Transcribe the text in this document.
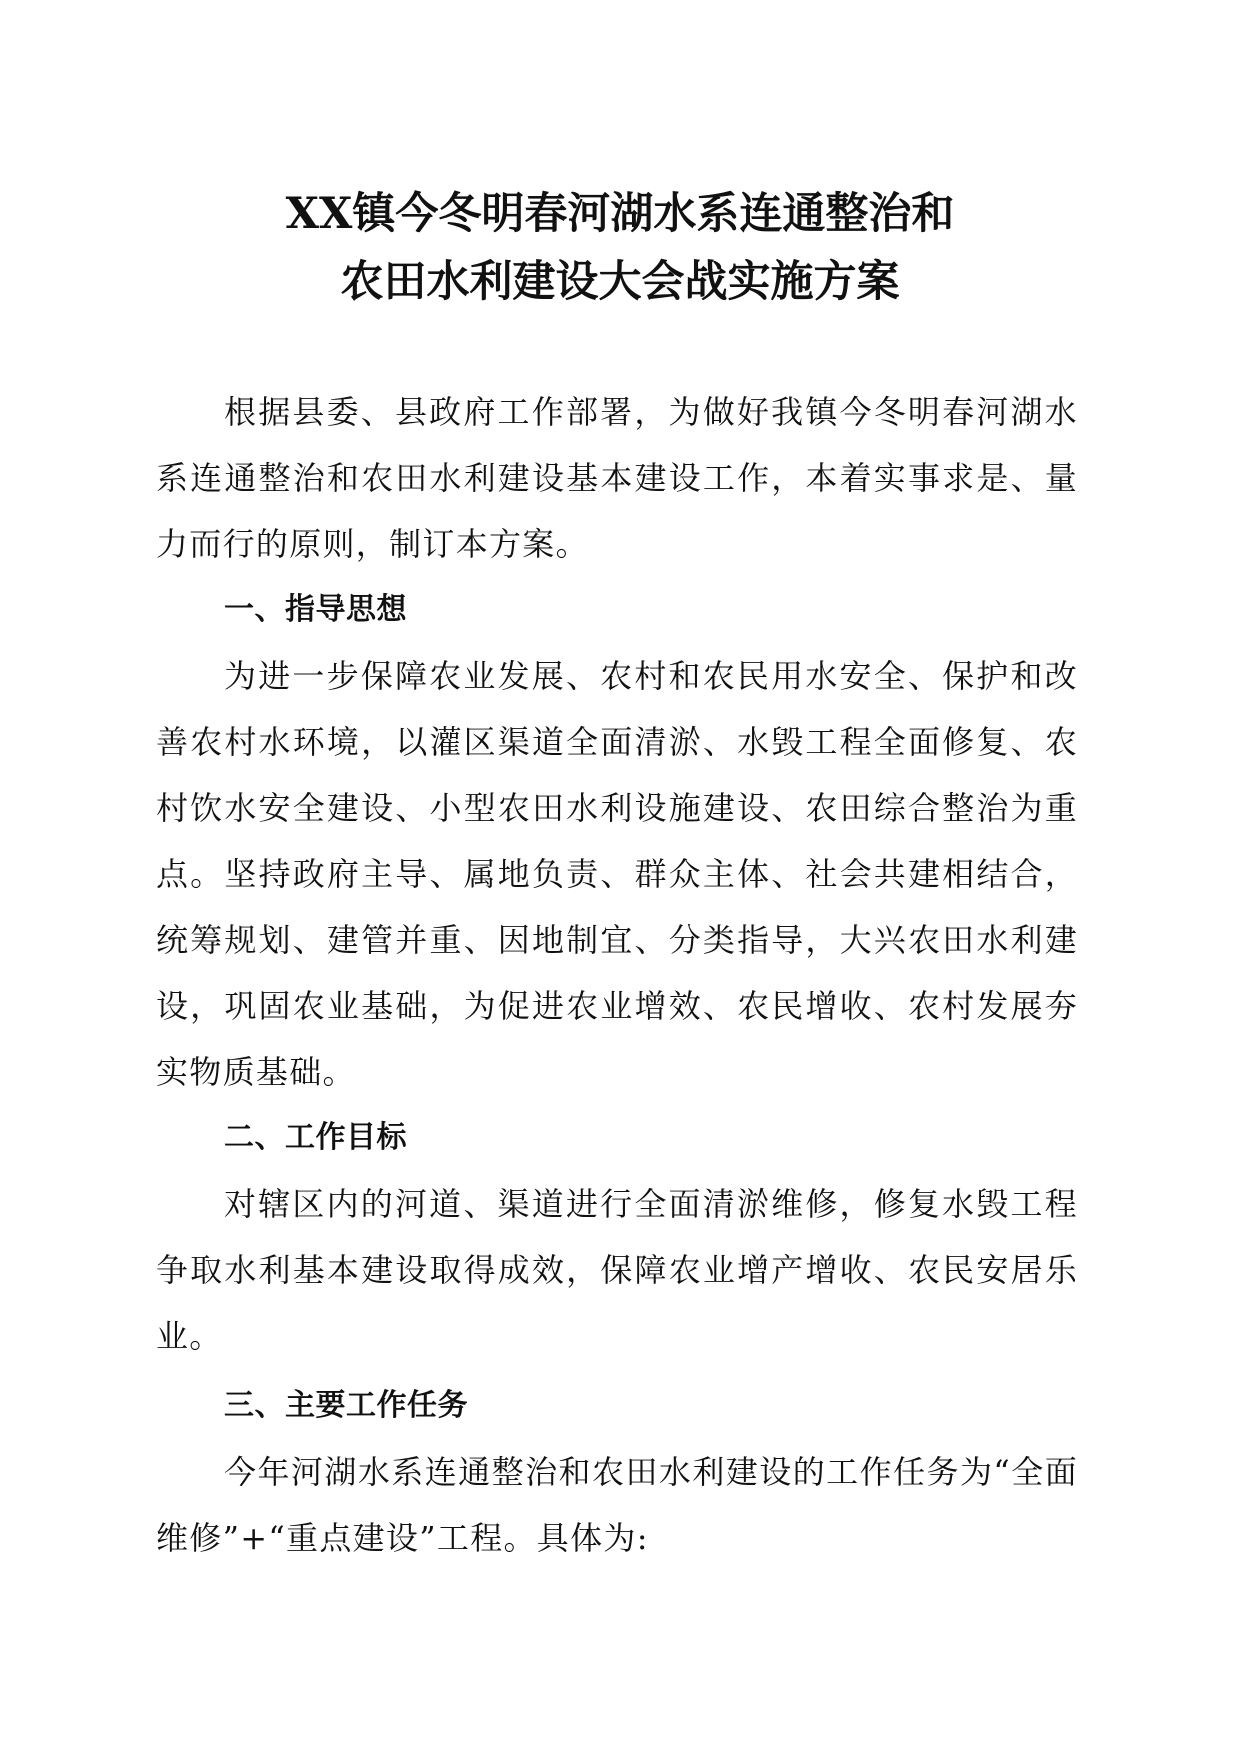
XX镇今冬明春河湖水系连通整治和
农田水利建设大会战实施方案

根据县委、县政府工作部署，为做好我镇今冬明春河湖水系连通整治和农田水利建设基本建设工作，本着实事求是、量力而行的原则，制订本方案。

一、指导思想

为进一步保障农业发展、农村和农民用水安全、保护和改善农村水环境，以灌区渠道全面清淤、水毁工程全面修复、农村饮水安全建设、小型农田水利设施建设、农田综合整治为重点。坚持政府主导、属地负责、群众主体、社会共建相结合，统筹规划、建管并重、因地制宜、分类指导，大兴农田水利建设，巩固农业基础，为促进农业增效、农民增收、农村发展夯实物质基础。

二、工作目标

对辖区内的河道、渠道进行全面清淤维修，修复水毁工程争取水利基本建设取得成效，保障农业增产增收、农民安居乐业。

三、主要工作任务

今年河湖水系连通整治和农田水利建设的工作任务为“全面维修”+“重点建设”工程。具体为:
